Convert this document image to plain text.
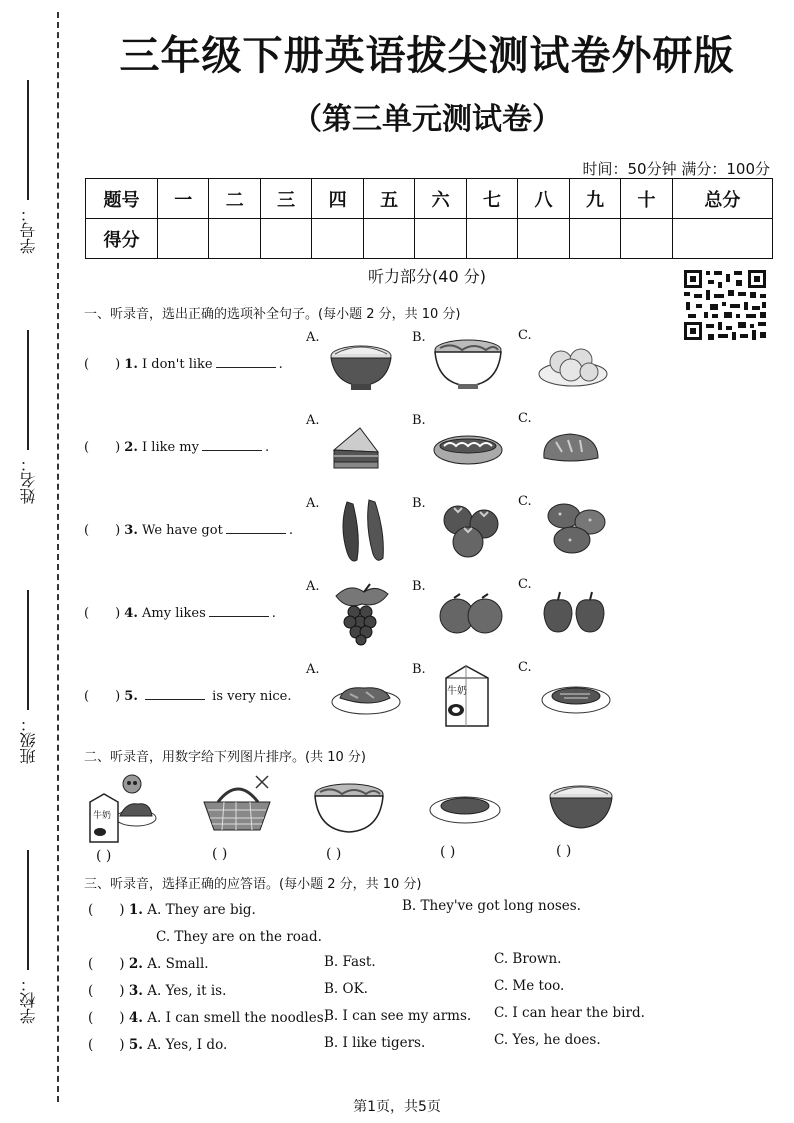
学号：
姓名：
班级：
学校：
三年级下册英语拔尖测试卷外研版
（第三单元测试卷）
时间：50分钟 满分：100分
题号	一	二	三	四	五	六	七	八	九	十	总分
得分											
听力部分(40 分)
一、听录音，选出正确的选项补全句子。(每小题 2 分，共 10 分)
A.	B.	C.
( ) 1. I don't like	.
A.	B.	C.
( ) 2. I like my	.
A.	B.	C.
( ) 3. We have got	.
A.	B.	C.
( ) 4. Amy likes	.
A.	B.	C.
( ) 5.	is very nice.	牛奶
二、听录音，用数字给下列图片排序。(共 10 分)
牛奶
( )	( )	( )	( )	( )
三、听录音，选择正确的应答语。(每小题 2 分，共 10 分)
( ) 1. A. They are big.	B. They've got long noses.
C. They are on the road.
( ) 2. A. Small.	B. Fast.	C. Brown.
( ) 3. A. Yes, it is.	B. OK.	C. Me too.
( ) 4. A. I can smell the noodles.
B. I can see my arms. C. I can hear the bird.
( ) 5. A. Yes, I do.	B. I like tigers.	C. Yes, he does.
第1页，共5页
